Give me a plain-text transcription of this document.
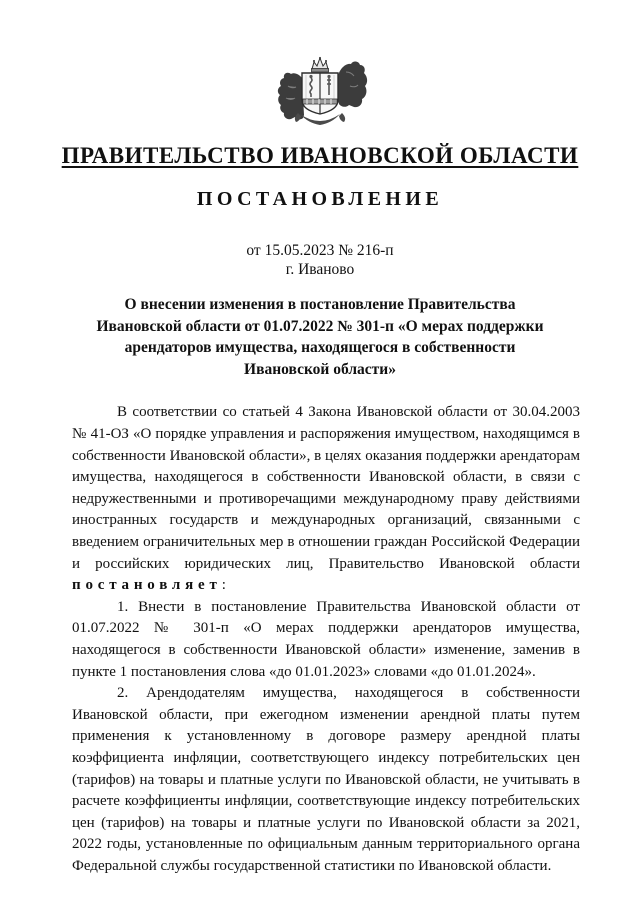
ПРАВИТЕЛЬСТВО ИВАНОВСКОЙ ОБЛАСТИ
ПОСТАНОВЛЕНИЕ
от 15.05.2023 № 216-п
г. Иваново
О внесении изменения в постановление Правительства Ивановской области от 01.07.2022 № 301-п «О мерах поддержки арендаторов имущества, находящегося в собственности Ивановской области»

В соответствии со статьей 4 Закона Ивановской области от 30.04.2003 № 41-ОЗ «О порядке управления и распоряжения имуществом, находящимся в собственности Ивановской области», в целях оказания поддержки арендаторам имущества, находящегося в собственности Ивановской области, в связи с недружественными и противоречащими международному праву действиями иностранных государств и международных организаций, связанными с введением ограничительных мер в отношении граждан Российской Федерации и российских юридических лиц, Правительство Ивановской области постановляет:

1. Внести в постановление Правительства Ивановской области от 01.07.2022 № 301-п «О мерах поддержки арендаторов имущества, находящегося в собственности Ивановской области» изменение, заменив в пункте 1 постановления слова «до 01.01.2023» словами «до 01.01.2024».

2. Арендодателям имущества, находящегося в собственности Ивановской области, при ежегодном изменении арендной платы путем применения к установленному в договоре размеру арендной платы коэффициента инфляции, соответствующего индексу потребительских цен (тарифов) на товары и платные услуги по Ивановской области, не учитывать в расчете коэффициенты инфляции, соответствующие индексу потребительских цен (тарифов) на товары и платные услуги по Ивановской области за 2021, 2022 годы, установленные по официальным данным территориального органа Федеральной службы государственной статистики по Ивановской области.
